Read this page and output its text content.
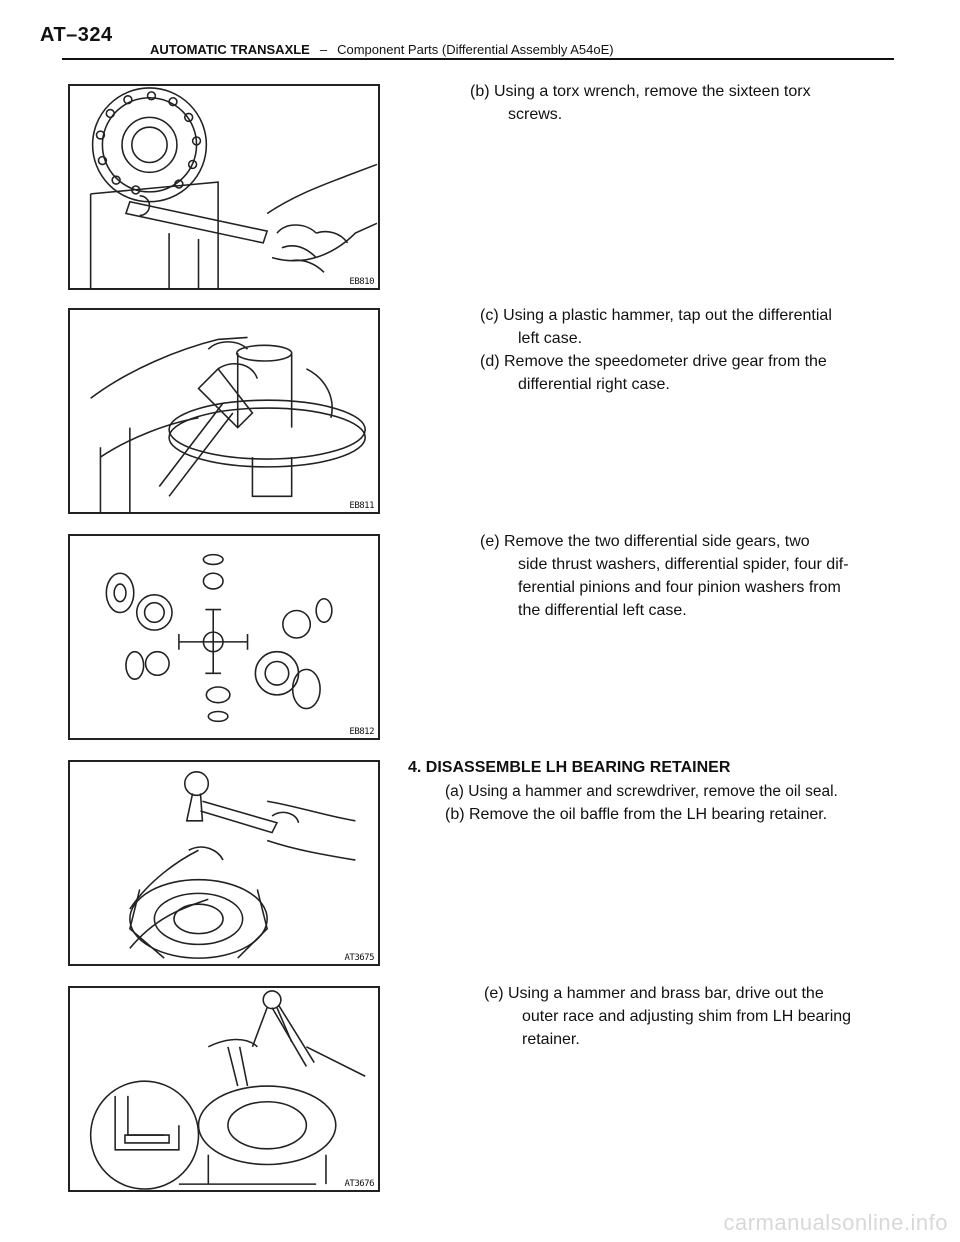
AT–324
AUTOMATIC TRANSAXLE – Component Parts (Differential Assembly A54oE)
EB810
EB811
EB812
AT3675
AT3676

(b) Using a torx wrench, remove the sixteen torx
screws.

(c) Using a plastic hammer, tap out the differential
left case.

(d) Remove the speedometer drive gear from the
differential right case.

(e) Remove the two differential side gears, two
side thrust washers, differential spider, four dif-
ferential pinions and four pinion washers from
the differential left case.

4. DISASSEMBLE LH BEARING RETAINER

(a) Using a hammer and screwdriver, remove the oil seal.

(b) Remove the oil baffle from the LH bearing retainer.

(e) Using a hammer and brass bar, drive out the
outer race and adjusting shim from LH bearing
retainer.

carmanualsonline.info
